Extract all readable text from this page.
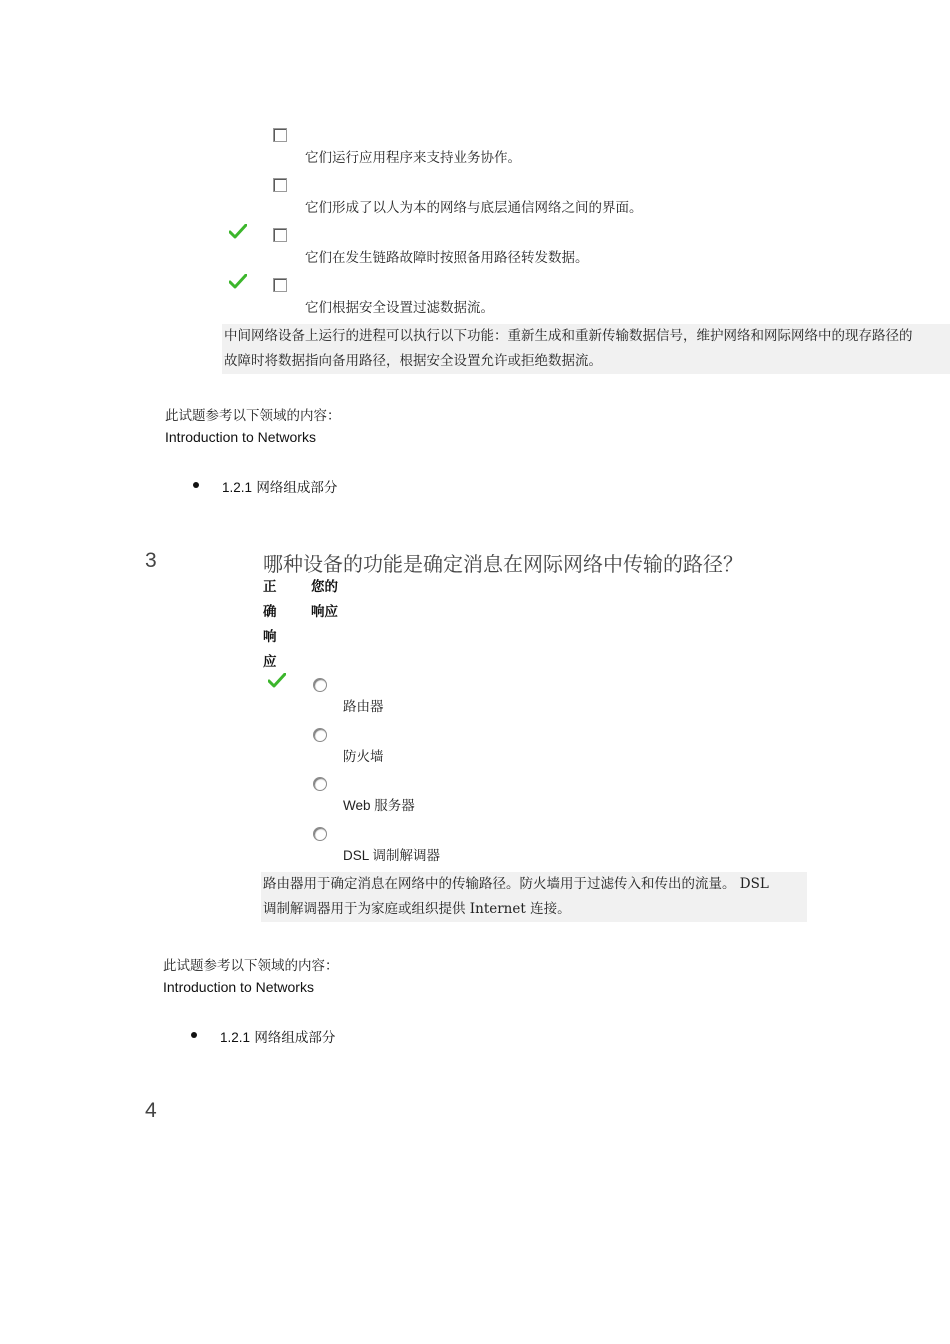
它们运行应用程序来支持业务协作。
它们形成了以人为本的网络与底层通信网络之间的界面。
它们在发生链路故障时按照备用路径转发数据。
它们根据安全设置过滤数据流。
中间网络设备上运行的进程可以执行以下功能：重新生成和重新传输数据信号，维护网络和网际网络中的现存路径的
故障时将数据指向备用路径，根据安全设置允许或拒绝数据流。
此试题参考以下领域的内容：
Introduction to Networks
1.2.1 网络组成部分
3	哪种设备的功能是确定消息在网际网络中传输的路径？
正
确
响
应
您的
响应
路由器
防火墙
Web 服务器
DSL 调制解调器
路由器用于确定消息在网络中的传输路径。防火墙用于过滤传入和传出的流量。 DSL
调制解调器用于为家庭或组织提供 Internet 连接。
此试题参考以下领域的内容：
Introduction to Networks
1.2.1 网络组成部分
4
